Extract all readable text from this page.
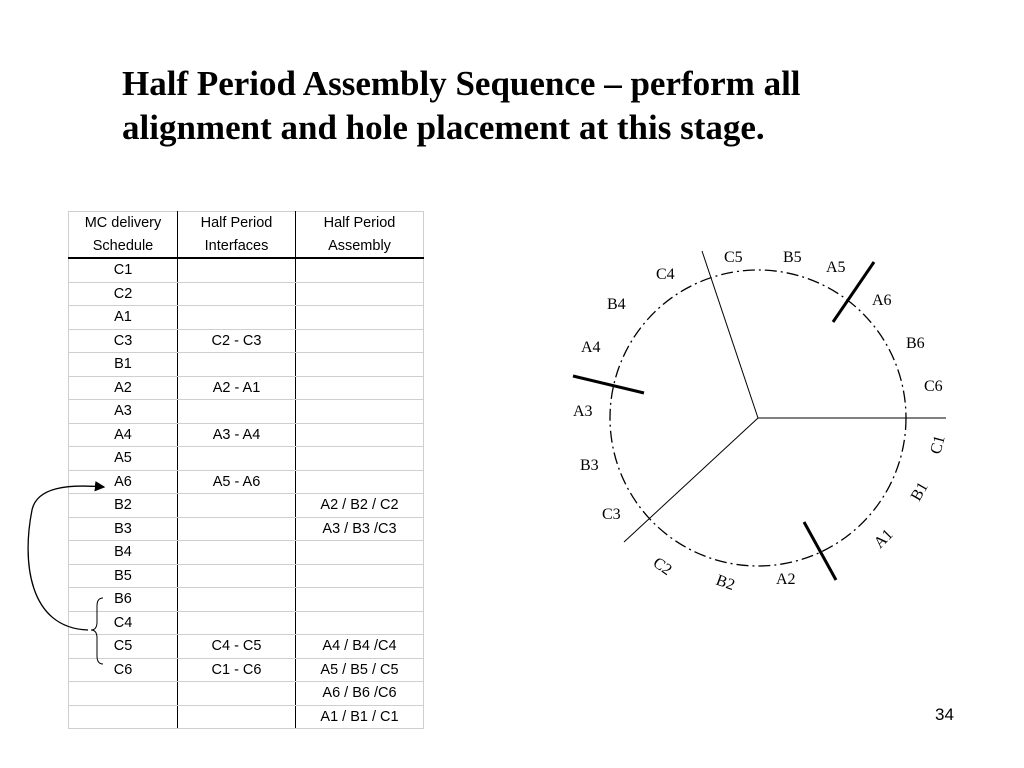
Half Period Assembly Sequence – perform all
alignment and hole placement at this stage.
MC delivery	Half Period	Half Period
Schedule	Interfaces	Assembly
C1		
C2		
A1		
C3	C2 - C3	
B1		
A2	A2 - A1	
A3		
A4	A3 - A4	
A5		
A6	A5 - A6	
B2		A2 / B2 / C2
B3		A3 / B3 /C3
B4		
B5		
B6		
C4		
C5	C4 - C5	A4 / B4 /C4
C6	C1 - C6	A5 / B5 / C5
		A6 / B6 /C6
		A1 / B1 / C1
C5	B5
A5
A6
B6
C6
C1
B1
A1
A2
B2
C2
C3
B3
A3
A4
B4
C4
34
